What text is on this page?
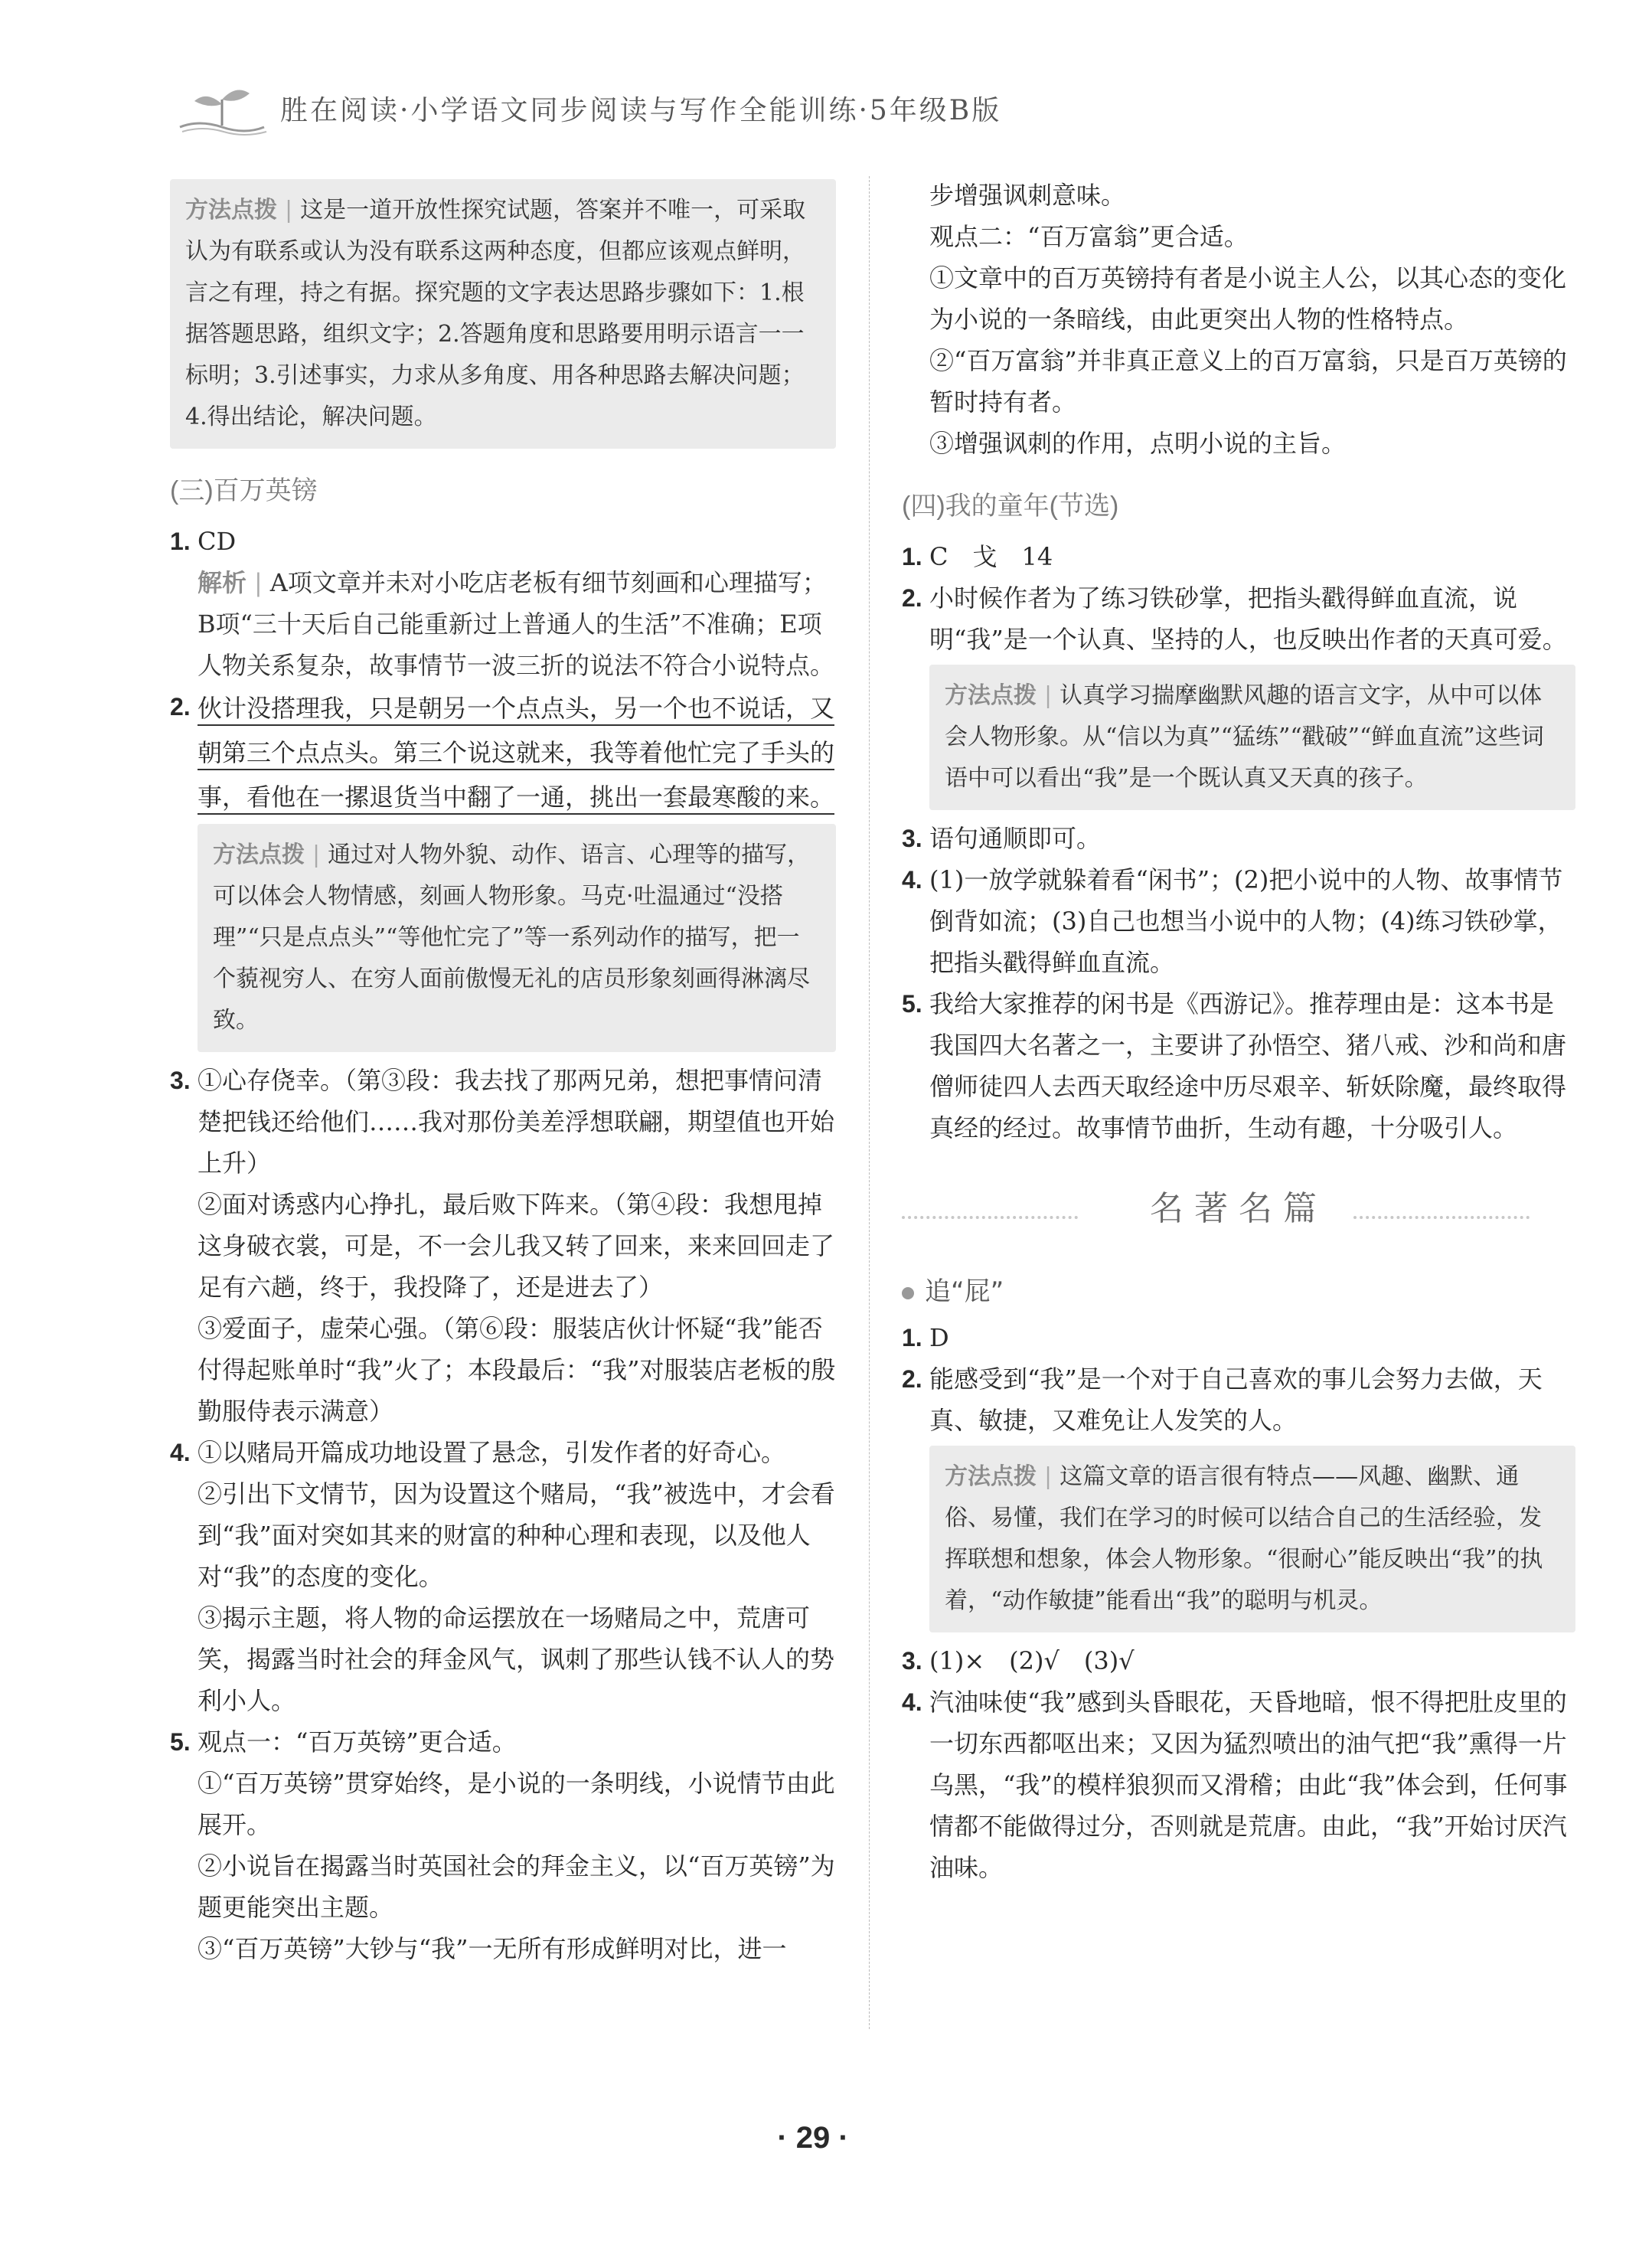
胜在阅读·小学语文同步阅读与写作全能训练·5年级B版
方法点拨 | 这是一道开放性探究试题，答案并不唯一，可采取认为有联系或认为没有联系这两种态度，但都应该观点鲜明，言之有理，持之有据。探究题的文字表达思路步骤如下：1.根据答题思路，组织文字；2.答题角度和思路要用明示语言一一标明；3.引述事实，力求从多角度、用各种思路去解决问题；4.得出结论，解决问题。
(三)百万英镑
1. CD
解析 | A项文章并未对小吃店老板有细节刻画和心理描写；B项“三十天后自己能重新过上普通人的生活”不准确；E项人物关系复杂，故事情节一波三折的说法不符合小说特点。
2. 伙计没搭理我，只是朝另一个点点头，另一个也不说话，又朝第三个点点头。第三个说这就来，我等着他忙完了手头的事，看他在一摞退货当中翻了一通，挑出一套最寒酸的来。
方法点拨 | 通过对人物外貌、动作、语言、心理等的描写，可以体会人物情感，刻画人物形象。马克·吐温通过“没搭理”“只是点点头”“等他忙完了”等一系列动作的描写，把一个藐视穷人、在穷人面前傲慢无礼的店员形象刻画得淋漓尽致。
3. ①心存侥幸。（第③段：我去找了那两兄弟，想把事情问清楚把钱还给他们……我对那份美差浮想联翩，期望值也开始上升）
②面对诱惑内心挣扎，最后败下阵来。（第④段：我想甩掉这身破衣裳，可是，不一会儿我又转了回来，来来回回走了足有六趟，终于，我投降了，还是进去了）
③爱面子，虚荣心强。（第⑥段：服装店伙计怀疑“我”能否付得起账单时“我”火了；本段最后：“我”对服装店老板的殷勤服侍表示满意）
4. ①以赌局开篇成功地设置了悬念，引发作者的好奇心。
②引出下文情节，因为设置这个赌局，“我”被选中，才会看到“我”面对突如其来的财富的种种心理和表现，以及他人对“我”的态度的变化。
③揭示主题，将人物的命运摆放在一场赌局之中，荒唐可笑，揭露当时社会的拜金风气，讽刺了那些认钱不认人的势利小人。
5. 观点一：“百万英镑”更合适。
①“百万英镑”贯穿始终，是小说的一条明线，小说情节由此展开。
②小说旨在揭露当时英国社会的拜金主义，以“百万英镑”为题更能突出主题。
③“百万英镑”大钞与“我”一无所有形成鲜明对比，进一
步增强讽刺意味。
观点二：“百万富翁”更合适。
①文章中的百万英镑持有者是小说主人公，以其心态的变化为小说的一条暗线，由此更突出人物的性格特点。
②“百万富翁”并非真正意义上的百万富翁，只是百万英镑的暂时持有者。
③增强讽刺的作用，点明小说的主旨。
(四)我的童年(节选)
1. C　戈　14
2. 小时候作者为了练习铁砂掌，把指头戳得鲜血直流，说明“我”是一个认真、坚持的人，也反映出作者的天真可爱。
方法点拨 | 认真学习揣摩幽默风趣的语言文字，从中可以体会人物形象。从“信以为真”“猛练”“戳破”“鲜血直流”这些词语中可以看出“我”是一个既认真又天真的孩子。
3. 语句通顺即可。
4. (1)一放学就躲着看“闲书”；(2)把小说中的人物、故事情节倒背如流；(3)自己也想当小说中的人物；(4)练习铁砂掌，把指头戳得鲜血直流。
5. 我给大家推荐的闲书是《西游记》。推荐理由是：这本书是我国四大名著之一，主要讲了孙悟空、猪八戒、沙和尚和唐僧师徒四人去西天取经途中历尽艰辛、斩妖除魔，最终取得真经的经过。故事情节曲折，生动有趣，十分吸引人。
名著名篇
追“屁”
1. D
2. 能感受到“我”是一个对于自己喜欢的事儿会努力去做，天真、敏捷，又难免让人发笑的人。
方法点拨 | 这篇文章的语言很有特点——风趣、幽默、通俗、易懂，我们在学习的时候可以结合自己的生活经验，发挥联想和想象，体会人物形象。“很耐心”能反映出“我”的执着，“动作敏捷”能看出“我”的聪明与机灵。
3. (1)×　(2)√　(3)√
4. 汽油味使“我”感到头昏眼花，天昏地暗，恨不得把肚皮里的一切东西都呕出来；又因为猛烈喷出的油气把“我”熏得一片乌黑，“我”的模样狼狈而又滑稽；由此“我”体会到，任何事情都不能做得过分，否则就是荒唐。由此，“我”开始讨厌汽油味。
· 29 ·
